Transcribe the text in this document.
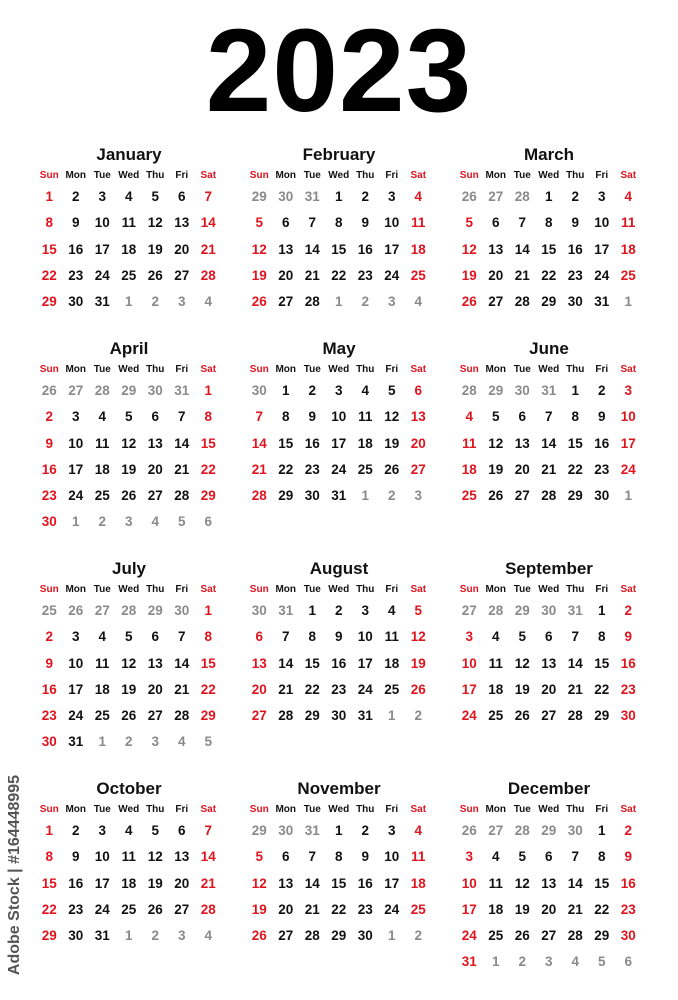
2023
January
Sun Mon Tue Wed Thu	Fri	Sat
1	2	3	4	5	6	7
8	9	10 11 12 13 14
15 16 17 18 19 20 21
22 23 24 25 26 27 28
29 30 31	1	2	3	4
February
Sun Mon Tue Wed Thu	Fri	Sat
29 30 31	1	2	3	4
5	6	7	8	9	10 11
12 13 14 15 16 17 18
19 20 21 22 23 24 25
26 27 28	1	2	3	4
March
Sun Mon Tue Wed Thu	Fri	Sat
26 27 28	1	2	3	4
5	6	7	8	9	10 11
12 13 14 15 16 17 18
19 20 21 22 23 24 25
26 27 28 29 30 31	1
April
Sun Mon Tue Wed Thu	Fri	Sat
26 27 28 29 30 31	1
2	3	4	5	6	7	8
9	10 11 12 13 14 15
16 17 18 19 20 21 22
23 24 25 26 27 28 29
30	1	2	3	4	5	6
May
Sun Mon Tue Wed Thu	Fri	Sat
30	1	2	3	4	5	6
7	8	9	10 11 12 13
14 15 16 17 18 19 20
21 22 23 24 25 26 27
28 29 30 31	1	2	3
June
Sun Mon Tue Wed Thu	Fri	Sat
28 29 30 31	1	2	3
4	5	6	7	8	9	10
11 12 13 14 15 16 17
18 19 20 21 22 23 24
25 26 27 28 29 30	1
July
Sun Mon Tue Wed Thu	Fri	Sat
25 26 27 28 29 30	1
2	3	4	5	6	7	8
9	10 11 12 13 14 15
16 17 18 19 20 21 22
23 24 25 26 27 28 29
30 31	1	2	3	4	5
August
Sun Mon Tue Wed Thu	Fri	Sat
30 31	1	2	3	4	5
6	7	8	9	10 11 12
13 14 15 16 17 18 19
20 21 22 23 24 25 26
27 28 29 30 31	1	2
September
Sun Mon Tue Wed Thu	Fri	Sat
27 28 29 30 31	1	2
3	4	5	6	7	8	9
10 11 12 13 14 15 16
17 18 19 20 21 22 23
24 25 26 27 28 29 30
October
Sun Mon Tue Wed Thu	Fri	Sat
1	2	3	4	5	6	7
8	9	10 11 12 13 14
15 16 17 18 19 20 21
22 23 24 25 26 27 28
29 30 31	1	2	3	4
November
Sun Mon Tue Wed Thu	Fri	Sat
29 30 31	1	2	3	4
5	6	7	8	9	10 11
12 13 14 15 16 17 18
19 20 21 22 23 24 25
26 27 28 29 30	1	2
December
Sun Mon Tue Wed Thu	Fri	Sat
26 27 28 29 30	1	2
3	4	5	6	7	8	9
10 11 12 13 14 15 16
17 18 19 20 21 22 23
24 25 26 27 28 29 30
31	1	2	3	4	5	6
Adobe Stock | #164448995
